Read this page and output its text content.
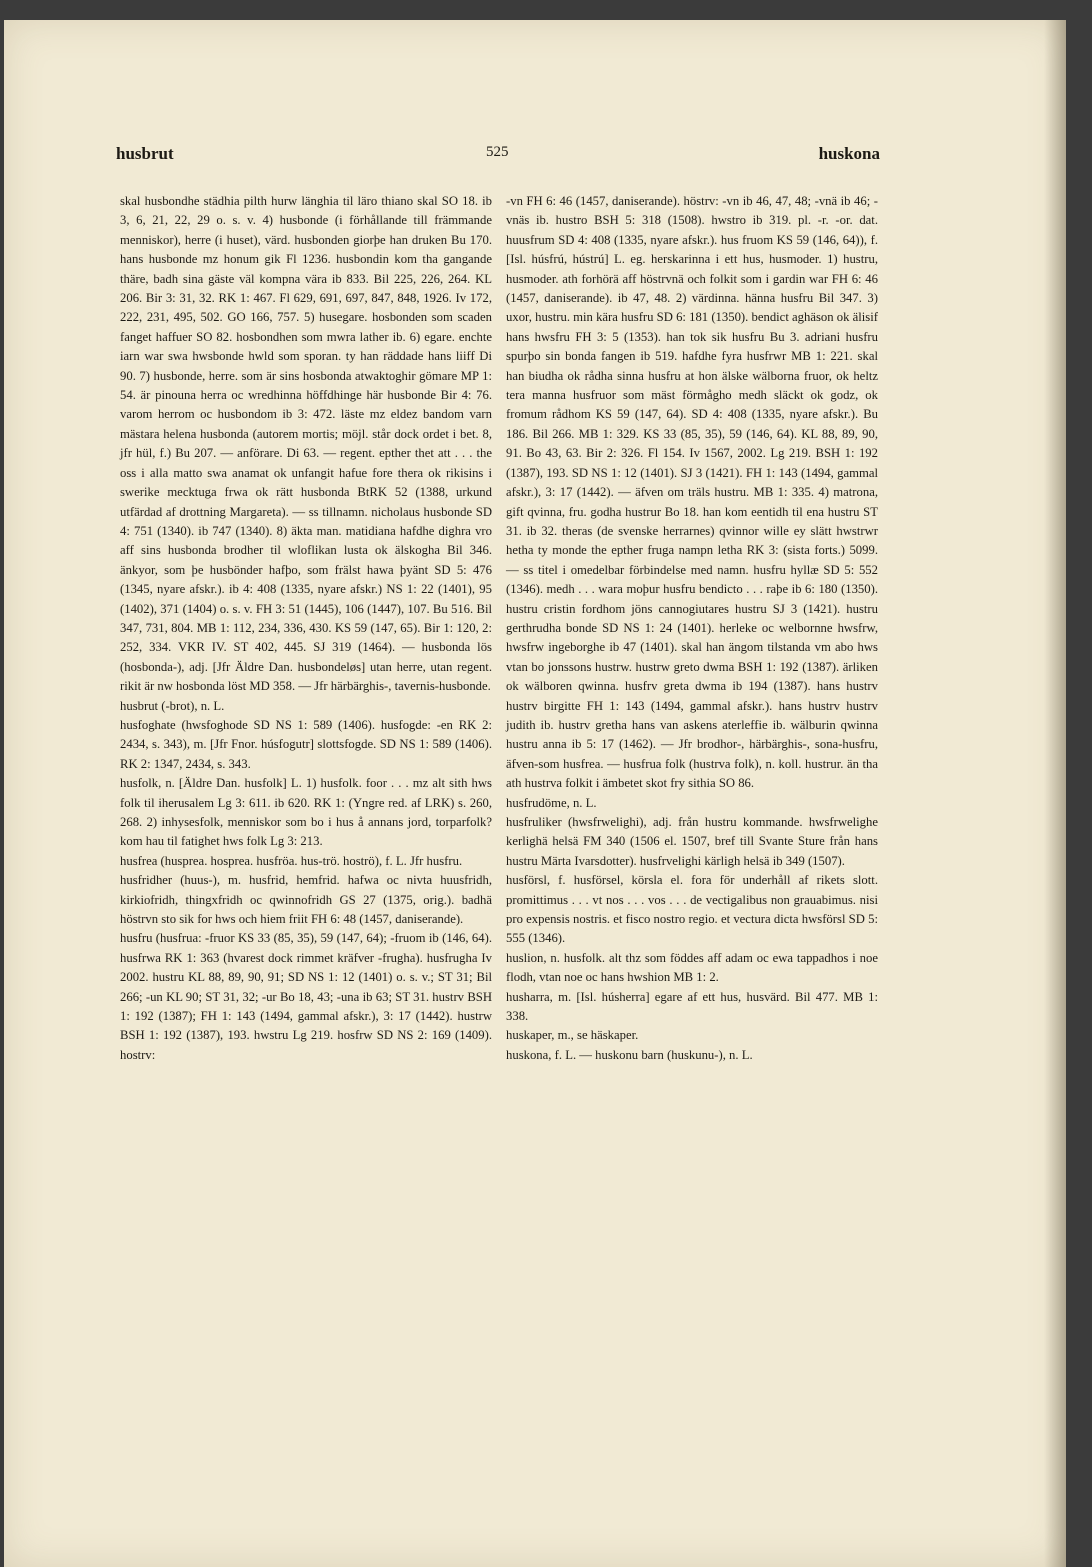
husbrut	525	huskona

skal husbondhe städhia pilth hurw länghia til läro thiano skal SO 18. ib 3, 6, 21, 22, 29 o. s. v. 4) husbonde (i förhållande till främmande menniskor), herre (i huset), värd. husbonden giorþe han druken Bu 170. hans husbonde mz honum gik Fl 1236. husbondin kom tha gangande thäre, badh sina gäste väl kompna vära ib 833. Bil 225, 226, 264. KL 206. Bir 3: 31, 32. RK 1: 467. Fl 629, 691, 697, 847, 848, 1926. Iv 172, 222, 231, 495, 502. GO 166, 757. 5) husegare. hosbonden som scaden fanget haffuer SO 82. hosbondhen som mwra lather ib. 6) egare. enchte iarn war swa hwsbonde hwld som sporan. ty han räddade hans liiff Di 90. 7) husbonde, herre. som är sins hosbonda atwaktoghir gömare MP 1: 54. är pinouna herra oc wredhinna höffdhinge här husbonde Bir 4: 76. varom herrom oc husbondom ib 3: 472. läste mz eldez bandom varn mästara helena husbonda (autorem mortis; möjl. står dock ordet i bet. 8, jfr hül, f.) Bu 207. — anförare. Di 63. — regent. epther thet att . . . the oss i alla matto swa anamat ok unfangit hafue fore thera ok rikisins i swerike mecktuga frwa ok rätt husbonda BtRK 52 (1388, urkund utfärdad af drottning Margareta). — ss tillnamn. nicholaus husbonde SD 4: 751 (1340). ib 747 (1340). 8) äkta man. matidiana hafdhe dighra vro aff sins husbonda brodher til wloflikan lusta ok älskogha Bil 346. änkyor, som þe husbönder hafþo, som frälst hawa þyänt SD 5: 476 (1345, nyare afskr.). ib 4: 408 (1335, nyare afskr.) NS 1: 22 (1401), 95 (1402), 371 (1404) o. s. v. FH 3: 51 (1445), 106 (1447), 107. Bu 516. Bil 347, 731, 804. MB 1: 112, 234, 336, 430. KS 59 (147, 65). Bir 1: 120, 2: 252, 334. VKR IV. ST 402, 445. SJ 319 (1464). — husbonda lös (hosbonda-), adj. [Jfr Äldre Dan. husbondeløs] utan herre, utan regent. rikit är nw hosbonda löst MD 358. — Jfr härbärghis-, tavernis-husbonde.

husbrut (-brot), n. L.

husfoghate (hwsfoghode SD NS 1: 589 (1406). husfogde: -en RK 2: 2434, s. 343), m. [Jfr Fnor. húsfogutr] slottsfogde. SD NS 1: 589 (1406). RK 2: 1347, 2434, s. 343.

husfolk, n. [Äldre Dan. husfolk] L. 1) husfolk. foor . . . mz alt sith hws folk til iherusalem Lg 3: 611. ib 620. RK 1: (Yngre red. af LRK) s. 260, 268. 2) inhysesfolk, menniskor som bo i hus å annans jord, torparfolk? kom hau til fatighet hws folk Lg 3: 213.

husfrea (husprea. hosprea. husfröa. hus-trö. hoströ), f. L. Jfr husfru.

husfridher (huus-), m. husfrid, hemfrid. hafwa oc nivta huusfridh, kirkiofridh, thingxfridh oc qwinnofridh GS 27 (1375, orig.). badhä höstrvn sto sik for hws och hiem friit FH 6: 48 (1457, daniserande).

husfru (husfrua: -fruor KS 33 (85, 35), 59 (147, 64); -fruom ib (146, 64). husfrwa RK 1: 363 (hvarest dock rimmet kräfver -frugha). husfrugha Iv 2002. hustru KL 88, 89, 90, 91; SD NS 1: 12 (1401) o. s. v.; ST 31; Bil 266; -un KL 90; ST 31, 32; -ur Bo 18, 43; -una ib 63; ST 31. hustrv BSH 1: 192 (1387); FH 1: 143 (1494, gammal afskr.), 3: 17 (1442). hustrw BSH 1: 192 (1387), 193. hwstru Lg 219. hosfrw SD NS 2: 169 (1409). hostrv:

-vn FH 6: 46 (1457, daniserande). höstrv: -vn ib 46, 47, 48; -vnä ib 46; -vnäs ib. hustro BSH 5: 318 (1508). hwstro ib 319. pl. -r. -or. dat. huusfrum SD 4: 408 (1335, nyare afskr.). hus fruom KS 59 (146, 64)), f. [Isl. húsfrú, hústrú] L. eg. herskarinna i ett hus, husmoder. 1) hustru, husmoder. ath forhörä aff höstrvnä och folkit som i gardin war FH 6: 46 (1457, daniserande). ib 47, 48. 2) värdinna. hänna husfru Bil 347. 3) uxor, hustru. min kära husfru SD 6: 181 (1350). bendict aghäson ok älisif hans hwsfru FH 3: 5 (1353). han tok sik husfru Bu 3. adriani husfru spurþo sin bonda fangen ib 519. hafdhe fyra husfrwr MB 1: 221. skal han biudha ok rådha sinna husfru at hon älske wälborna fruor, ok heltz tera manna husfruor som mäst förmågho medh släckt ok godz, ok fromum rådhom KS 59 (147, 64). SD 4: 408 (1335, nyare afskr.). Bu 186. Bil 266. MB 1: 329. KS 33 (85, 35), 59 (146, 64). KL 88, 89, 90, 91. Bo 43, 63. Bir 2: 326. Fl 154. Iv 1567, 2002. Lg 219. BSH 1: 192 (1387), 193. SD NS 1: 12 (1401). SJ 3 (1421). FH 1: 143 (1494, gammal afskr.), 3: 17 (1442). — äfven om träls hustru. MB 1: 335. 4) matrona, gift qvinna, fru. godha hustrur Bo 18. han kom eentidh til ena hustru ST 31. ib 32. theras (de svenske herrarnes) qvinnor wille ey slätt hwstrwr hetha ty monde the epther fruga nampn letha RK 3: (sista forts.) 5099. — ss titel i omedelbar förbindelse med namn. husfru hyllæ SD 5: 552 (1346). medh . . . wara moþur husfru bendicto . . . raþe ib 6: 180 (1350). hustru cristin fordhom jöns cannogiutares hustru SJ 3 (1421). hustru gerthrudha bonde SD NS 1: 24 (1401). herleke oc welbornne hwsfrw, hwsfrw ingeborghe ib 47 (1401). skal han ängom tilstanda vm abo hws vtan bo jonssons hustrw. hustrw greto dwma BSH 1: 192 (1387). ärliken ok wälboren qwinna. husfrv greta dwma ib 194 (1387). hans hustrv hustrv birgitte FH 1: 143 (1494, gammal afskr.). hans hustrv hustrv judith ib. hustrv gretha hans van askens aterleffie ib. wälburin qwinna hustru anna ib 5: 17 (1462). — Jfr brodhor-, härbärghis-, sona-husfru, äfven-som husfrea. — husfrua folk (hustrva folk), n. koll. hustrur. än tha ath hustrva folkit i ämbetet skot fry sithia SO 86.

husfrudöme, n. L.

husfruliker (hwsfrwelighi), adj. från hustru kommande. hwsfrwelighe kerlighä helsä FM 340 (1506 el. 1507, bref till Svante Sture från hans hustru Märta Ivarsdotter). husfrvelighi kärligh helsä ib 349 (1507).

husförsl, f. husförsel, körsla el. fora för underhåll af rikets slott. promittimus . . . vt nos . . . vos . . . de vectigalibus non grauabimus. nisi pro expensis nostris. et fisco nostro regio. et vectura dicta hwsförsl SD 5: 555 (1346).

huslion, n. husfolk. alt thz som föddes aff adam oc ewa tappadhos i noe flodh, vtan noe oc hans hwshion MB 1: 2.

husharra, m. [Isl. húsherra] egare af ett hus, husvärd. Bil 477. MB 1: 338.

huskaper, m., se häskaper.

huskona, f. L. — huskonu barn (huskunu-), n. L.
